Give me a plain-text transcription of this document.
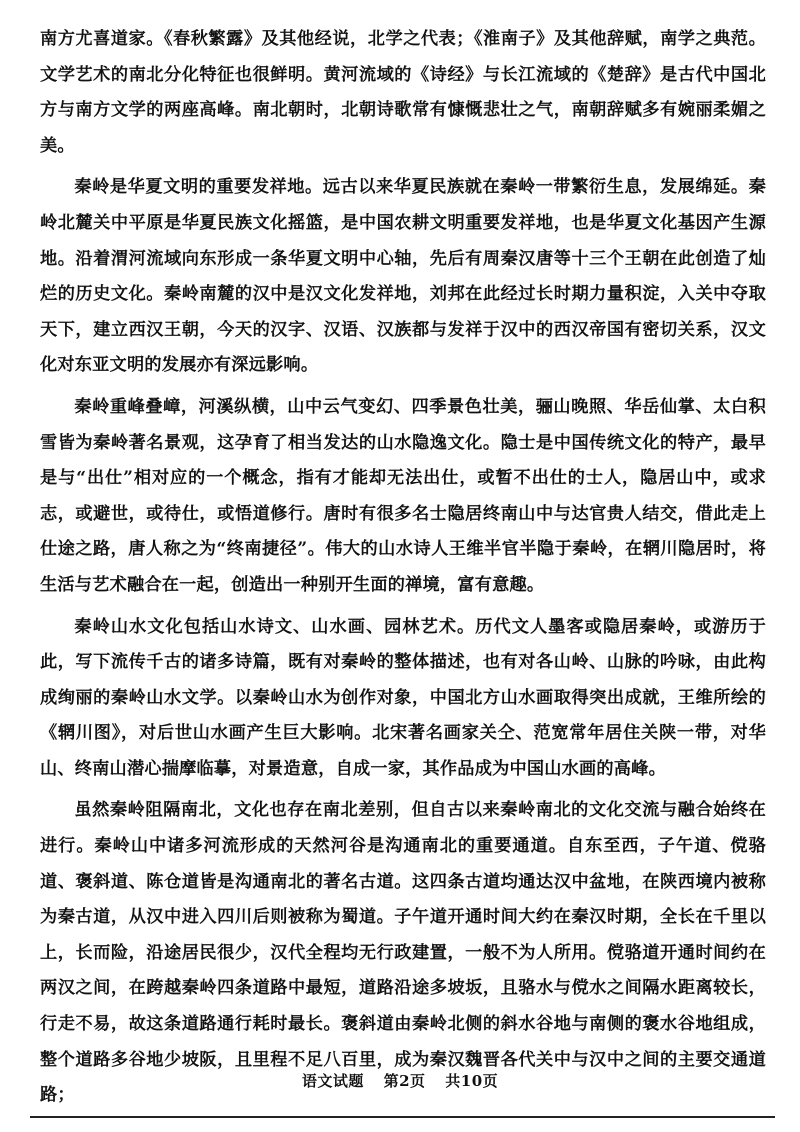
南方尤喜道家。《春秋繁露》及其他经说，北学之代表；《淮南子》及其他辞赋，南学之典范。文学艺术的南北分化特征也很鲜明。黄河流域的《诗经》与长江流域的《楚辞》是古代中国北方与南方文学的两座高峰。南北朝时，北朝诗歌常有慷慨悲壮之气，南朝辞赋多有婉丽柔媚之美。

秦岭是华夏文明的重要发祥地。远古以来华夏民族就在秦岭一带繁衍生息，发展绵延。秦岭北麓关中平原是华夏民族文化摇篮，是中国农耕文明重要发祥地，也是华夏文化基因产生源地。沿着渭河流域向东形成一条华夏文明中心轴，先后有周秦汉唐等十三个王朝在此创造了灿烂的历史文化。秦岭南麓的汉中是汉文化发祥地，刘邦在此经过长时期力量积淀，入关中夺取天下，建立西汉王朝，今天的汉字、汉语、汉族都与发祥于汉中的西汉帝国有密切关系，汉文化对东亚文明的发展亦有深远影响。

秦岭重峰叠嶂，河溪纵横，山中云气变幻、四季景色壮美，骊山晚照、华岳仙掌、太白积雪皆为秦岭著名景观，这孕育了相当发达的山水隐逸文化。隐士是中国传统文化的特产，最早是与“出仕”相对应的一个概念，指有才能却无法出仕，或暂不出仕的士人，隐居山中，或求志，或避世，或待仕，或悟道修行。唐时有很多名士隐居终南山中与达官贵人结交，借此走上仕途之路，唐人称之为“终南捷径”。伟大的山水诗人王维半官半隐于秦岭，在辋川隐居时，将生活与艺术融合在一起，创造出一种别开生面的禅境，富有意趣。

秦岭山水文化包括山水诗文、山水画、园林艺术。历代文人墨客或隐居秦岭，或游历于此，写下流传千古的诸多诗篇，既有对秦岭的整体描述，也有对各山岭、山脉的吟咏，由此构成绚丽的秦岭山水文学。以秦岭山水为创作对象，中国北方山水画取得突出成就，王维所绘的《辋川图》，对后世山水画产生巨大影响。北宋著名画家关仝、范宽常年居住关陕一带，对华山、终南山潜心揣摩临摹，对景造意，自成一家，其作品成为中国山水画的高峰。

虽然秦岭阻隔南北，文化也存在南北差别，但自古以来秦岭南北的文化交流与融合始终在进行。秦岭山中诸多河流形成的天然河谷是沟通南北的重要通道。自东至西，子午道、傥骆道、褒斜道、陈仓道皆是沟通南北的著名古道。这四条古道均通达汉中盆地，在陕西境内被称为秦古道，从汉中进入四川后则被称为蜀道。子午道开通时间大约在秦汉时期，全长在千里以上，长而险，沿途居民很少，汉代全程均无行政建置，一般不为人所用。傥骆道开通时间约在两汉之间，在跨越秦岭四条道路中最短，道路沿途多坡坂，且骆水与傥水之间隔水距离较长，行走不易，故这条道路通行耗时最长。褒斜道由秦岭北侧的斜水谷地与南侧的褒水谷地组成，整个道路多谷地少坡阪，且里程不足八百里，成为秦汉魏晋各代关中与汉中之间的主要交通道路；

语文试题 第2页 共10页
